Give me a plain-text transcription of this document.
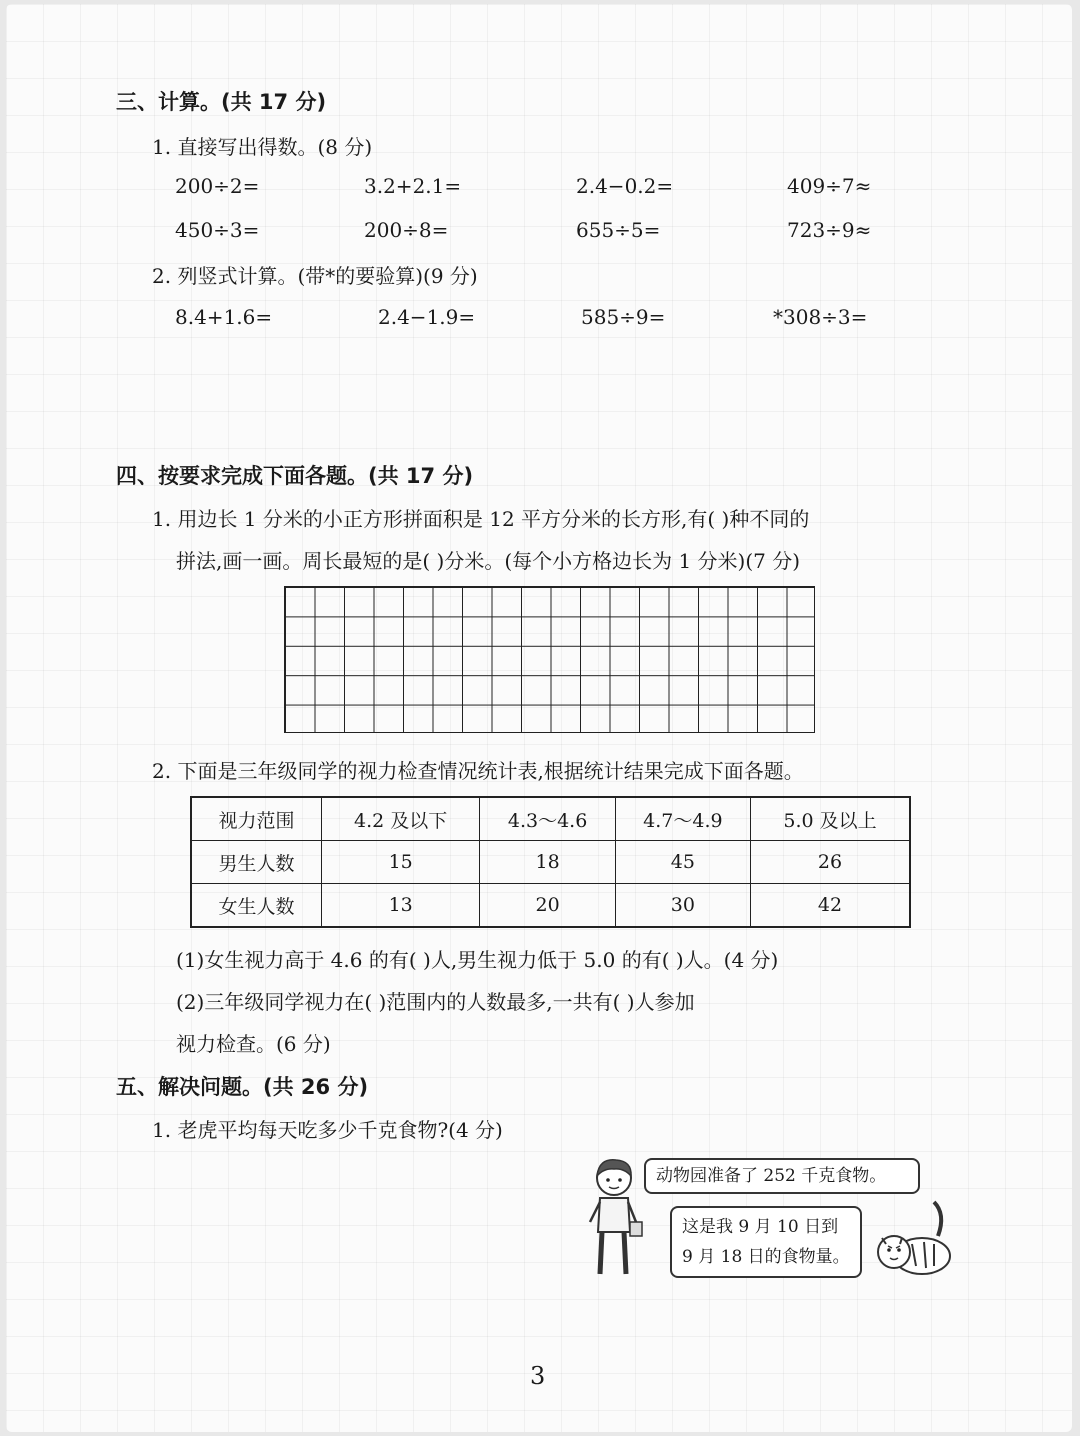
三、计算。(共 17 分)
1. 直接写出得数。(8 分)
200÷2=	3.2+2.1=	2.4−0.2=	409÷7≈
450÷3=	200÷8=	655÷5=	723÷9≈
2. 列竖式计算。(带*的要验算)(9 分)
8.4+1.6=	2.4−1.9=	585÷9=	*308÷3=
四、按要求完成下面各题。(共 17 分)
1. 用边长 1 分米的小正方形拼面积是 12 平方分米的长方形,有( )种不同的
拼法,画一画。周长最短的是( )分米。(每个小方格边长为 1 分米)(7 分)
2. 下面是三年级同学的视力检查情况统计表,根据统计结果完成下面各题。
视力范围	4.2 及以下	4.3～4.6	4.7～4.9	5.0 及以上
男生人数	15	18	45	26
女生人数	13	20	30	42
(1)女生视力高于 4.6 的有( )人,男生视力低于 5.0 的有( )人。(4 分)
(2)三年级同学视力在( )范围内的人数最多,一共有( )人参加
视力检查。(6 分)
五、解决问题。(共 26 分)
1. 老虎平均每天吃多少千克食物?(4 分)
动物园准备了 252 千克食物。
这是我 9 月 10 日到
9 月 18 日的食物量。
3
